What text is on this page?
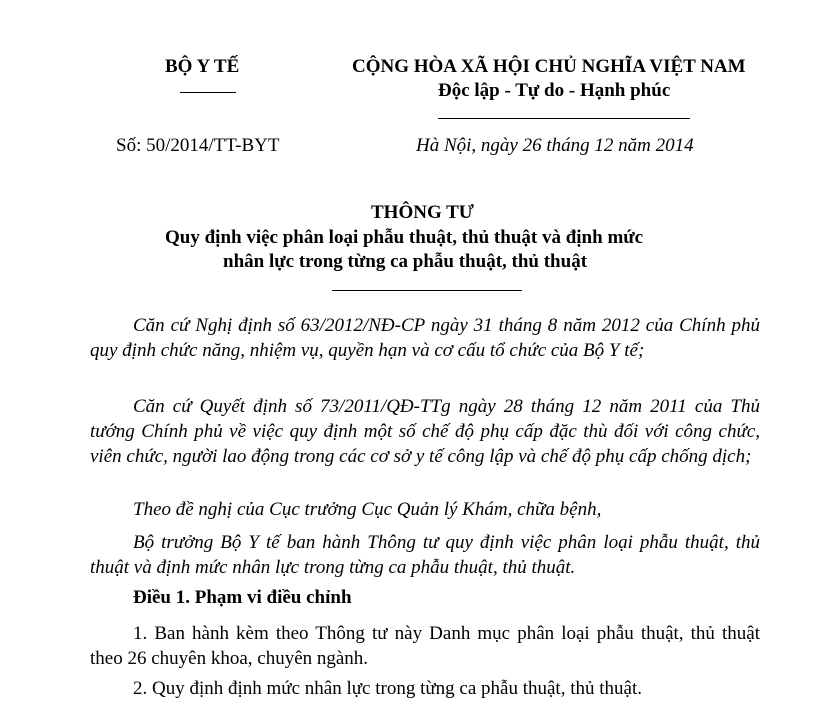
BỘ Y TẾ	CỘNG HÒA XÃ HỘI CHỦ NGHĨA VIỆT NAM
Độc lập - Tự do - Hạnh phúc
Số: 50/2014/TT-BYT	Hà Nội, ngày 26 tháng 12 năm 2014
THÔNG TƯ
Quy định việc phân loại phẫu thuật, thủ thuật và định mức
nhân lực trong từng ca phẫu thuật, thủ thuật
Căn cứ Nghị định số 63/2012/NĐ-CP ngày 31 tháng 8 năm 2012 của Chính phủ quy định chức năng, nhiệm vụ, quyền hạn và cơ cấu tổ chức của Bộ Y tế;
Căn cứ Quyết định số 73/2011/QĐ-TTg ngày 28 tháng 12 năm 2011 của Thủ tướng Chính phủ về việc quy định một số chế độ phụ cấp đặc thù đối với công chức, viên chức, người lao động trong các cơ sở y tế công lập và chế độ phụ cấp chống dịch;
Theo đề nghị của Cục trưởng Cục Quản lý Khám, chữa bệnh,
Bộ trưởng Bộ Y tế ban hành Thông tư quy định việc phân loại phẫu thuật, thủ thuật và định mức nhân lực trong từng ca phẫu thuật, thủ thuật.
Điều 1. Phạm vi điều chỉnh
1. Ban hành kèm theo Thông tư này Danh mục phân loại phẫu thuật, thủ thuật theo 26 chuyên khoa, chuyên ngành.
2. Quy định định mức nhân lực trong từng ca phẫu thuật, thủ thuật.
